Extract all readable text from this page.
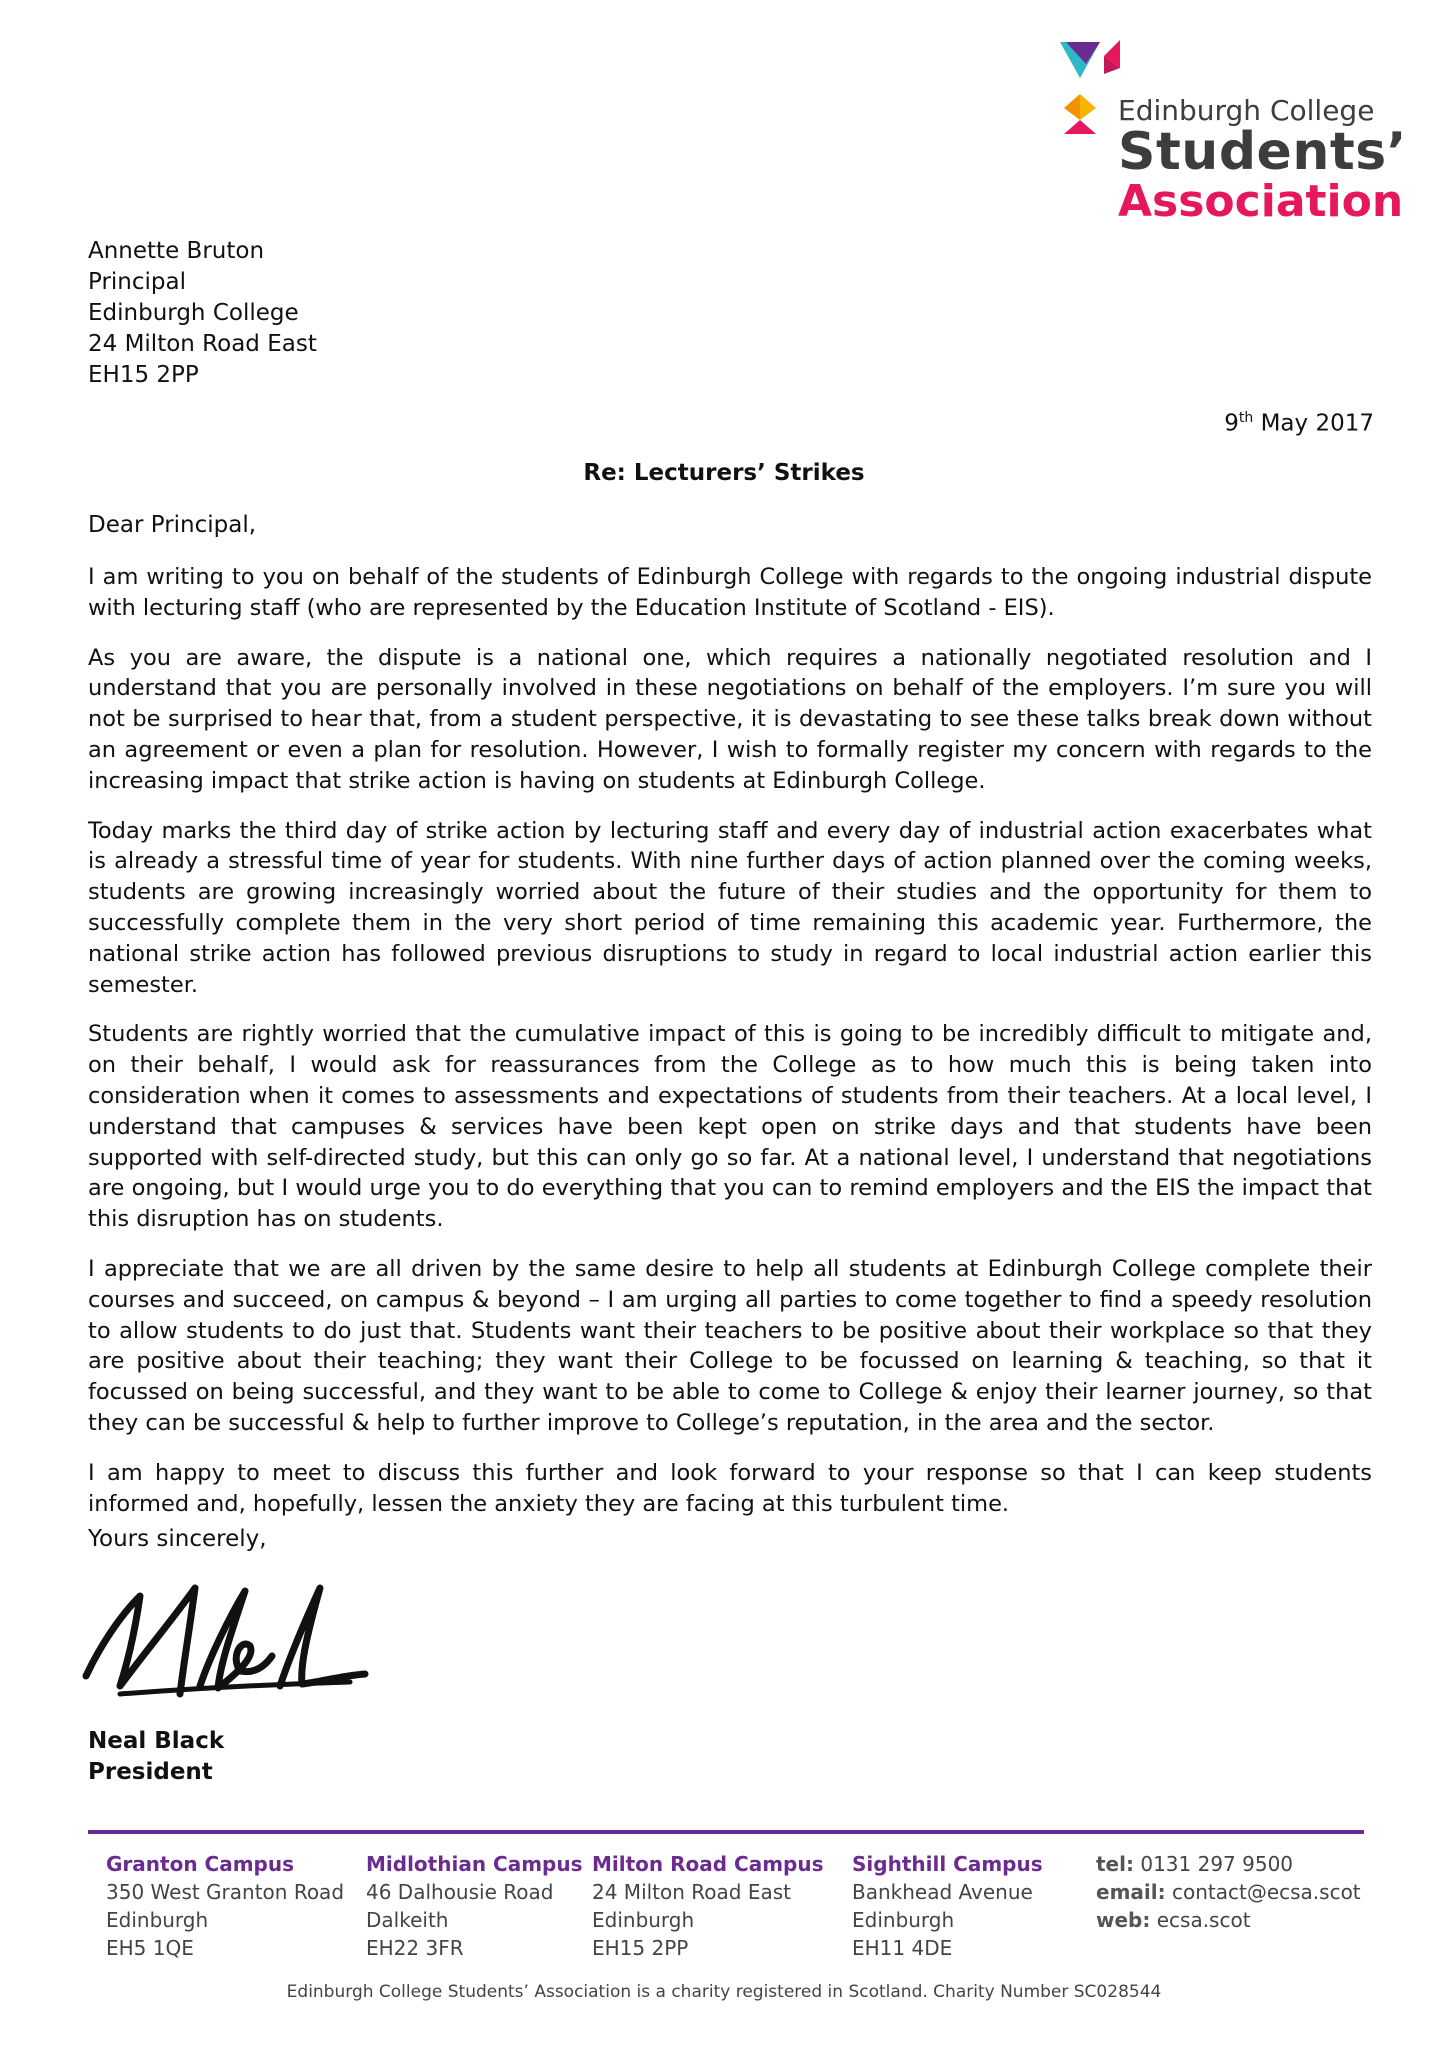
Edinburgh College
Students’
Association
Annette Bruton
Principal
Edinburgh College
24 Milton Road East
EH15 2PP
9th May 2017
Re: Lecturers’ Strikes
Dear Principal,

I am writing to you on behalf of the students of Edinburgh College with regards to the ongoing industrial dispute with lecturing staff (who are represented by the Education Institute of Scotland - EIS).

As you are aware, the dispute is a national one, which requires a nationally negotiated resolution and I understand that you are personally involved in these negotiations on behalf of the employers. I’m sure you will not be surprised to hear that, from a student perspective, it is devastating to see these talks break down without an agreement or even a plan for resolution. However, I wish to formally register my concern with regards to the increasing impact that strike action is having on students at Edinburgh College.

Today marks the third day of strike action by lecturing staff and every day of industrial action exacerbates what is already a stressful time of year for students. With nine further days of action planned over the coming weeks, students are growing increasingly worried about the future of their studies and the opportunity for them to successfully complete them in the very short period of time remaining this academic year. Furthermore, the national strike action has followed previous disruptions to study in regard to local industrial action earlier this semester.

Students are rightly worried that the cumulative impact of this is going to be incredibly difficult to mitigate and, on their behalf, I would ask for reassurances from the College as to how much this is being taken into consideration when it comes to assessments and expectations of students from their teachers. At a local level, I understand that campuses & services have been kept open on strike days and that students have been supported with self-directed study, but this can only go so far. At a national level, I understand that negotiations are ongoing, but I would urge you to do everything that you can to remind employers and the EIS the impact that this disruption has on students.

I appreciate that we are all driven by the same desire to help all students at Edinburgh College complete their courses and succeed, on campus & beyond – I am urging all parties to come together to find a speedy resolution to allow students to do just that. Students want their teachers to be positive about their workplace so that they are positive about their teaching; they want their College to be focussed on learning & teaching, so that it focussed on being successful, and they want to be able to come to College & enjoy their learner journey, so that they can be successful & help to further improve to College’s reputation, in the area and the sector.

I am happy to meet to discuss this further and look forward to your response so that I can keep students informed and, hopefully, lessen the anxiety they are facing at this turbulent time.

Yours sincerely,
Neal Black
President
Granton Campus
350 West Granton Road
Edinburgh
EH5 1QE
Midlothian Campus
46 Dalhousie Road
Dalkeith
EH22 3FR
Milton Road Campus
24 Milton Road East
Edinburgh
EH15 2PP
Sighthill Campus
Bankhead Avenue
Edinburgh
EH11 4DE
tel: 0131 297 9500
email: contact@ecsa.scot
web: ecsa.scot
Edinburgh College Students’ Association is a charity registered in Scotland. Charity Number SC028544
